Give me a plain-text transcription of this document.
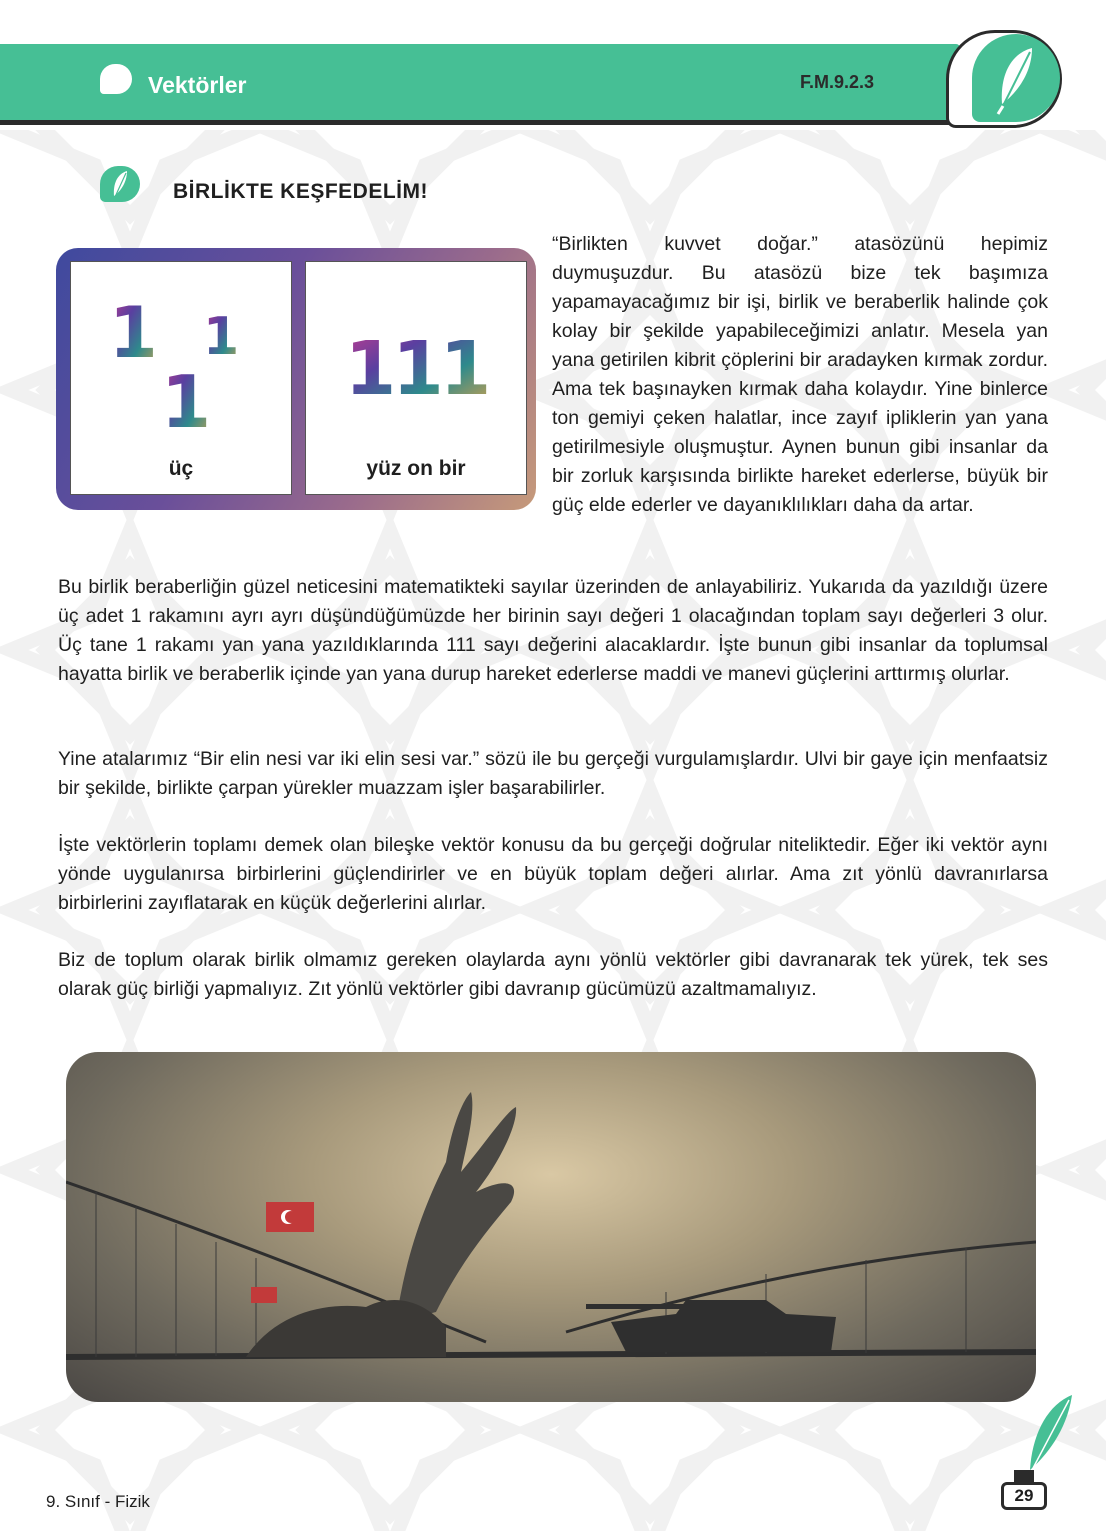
Vektörler	F.M.9.2.3
BİRLİKTE KEŞFEDELİM!
1 1
1
üç
111
yüz on bir
“Birlikten kuvvet doğar.” atasözünü hepimiz duymuşuzdur. Bu atasözü bize tek başımıza yapamayacağımız bir işi, birlik ve beraberlik halinde çok kolay bir şekilde yapabileceğimizi anlatır. Mesela yan yana getirilen kibrit çöplerini bir aradayken kırmak zordur. Ama tek başınayken kırmak daha kolaydır. Yine binlerce ton gemiyi çeken halatlar, ince zayıf ipliklerin yan yana getirilmesiyle oluşmuştur. Aynen bunun gibi insanlar da bir zorluk karşısında birlikte hareket ederlerse, büyük bir güç elde ederler ve dayanıklılıkları daha da artar.
Bu birlik beraberliğin güzel neticesini matematikteki sayılar üzerinden de anlayabiliriz. Yukarıda da yazıldığı üzere üç adet 1 rakamını ayrı ayrı düşündüğümüzde her birinin sayı değeri 1 olacağından toplam sayı değerleri 3 olur. Üç tane 1 rakamı yan yana yazıldıklarında 111 sayı değerini alacaklardır. İşte bunun gibi insanlar da toplumsal hayatta birlik ve beraberlik içinde yan yana durup hareket ederlerse maddi ve manevi güçlerini arttırmış olurlar.
Yine atalarımız “Bir elin nesi var iki elin sesi var.” sözü ile bu gerçeği vurgulamışlardır. Ulvi bir gaye için menfaatsiz bir şekilde, birlikte çarpan yürekler muazzam işler başarabilirler.
İşte vektörlerin toplamı demek olan bileşke vektör konusu da bu gerçeği doğrular niteliktedir. Eğer iki vektör aynı yönde uygulanırsa birbirlerini güçlendirirler ve en büyük toplam değeri alırlar. Ama zıt yönlü davranırlarsa birbirlerini zayıflatarak en küçük değerlerini alırlar.
Biz de toplum olarak birlik olmamız gereken olaylarda aynı yönlü vektörler gibi davranarak tek yürek, tek ses olarak güç birliği yapmalıyız. Zıt yönlü vektörler gibi davranıp gücümüzü azaltmamalıyız.
9. Sınıf - Fizik	29
